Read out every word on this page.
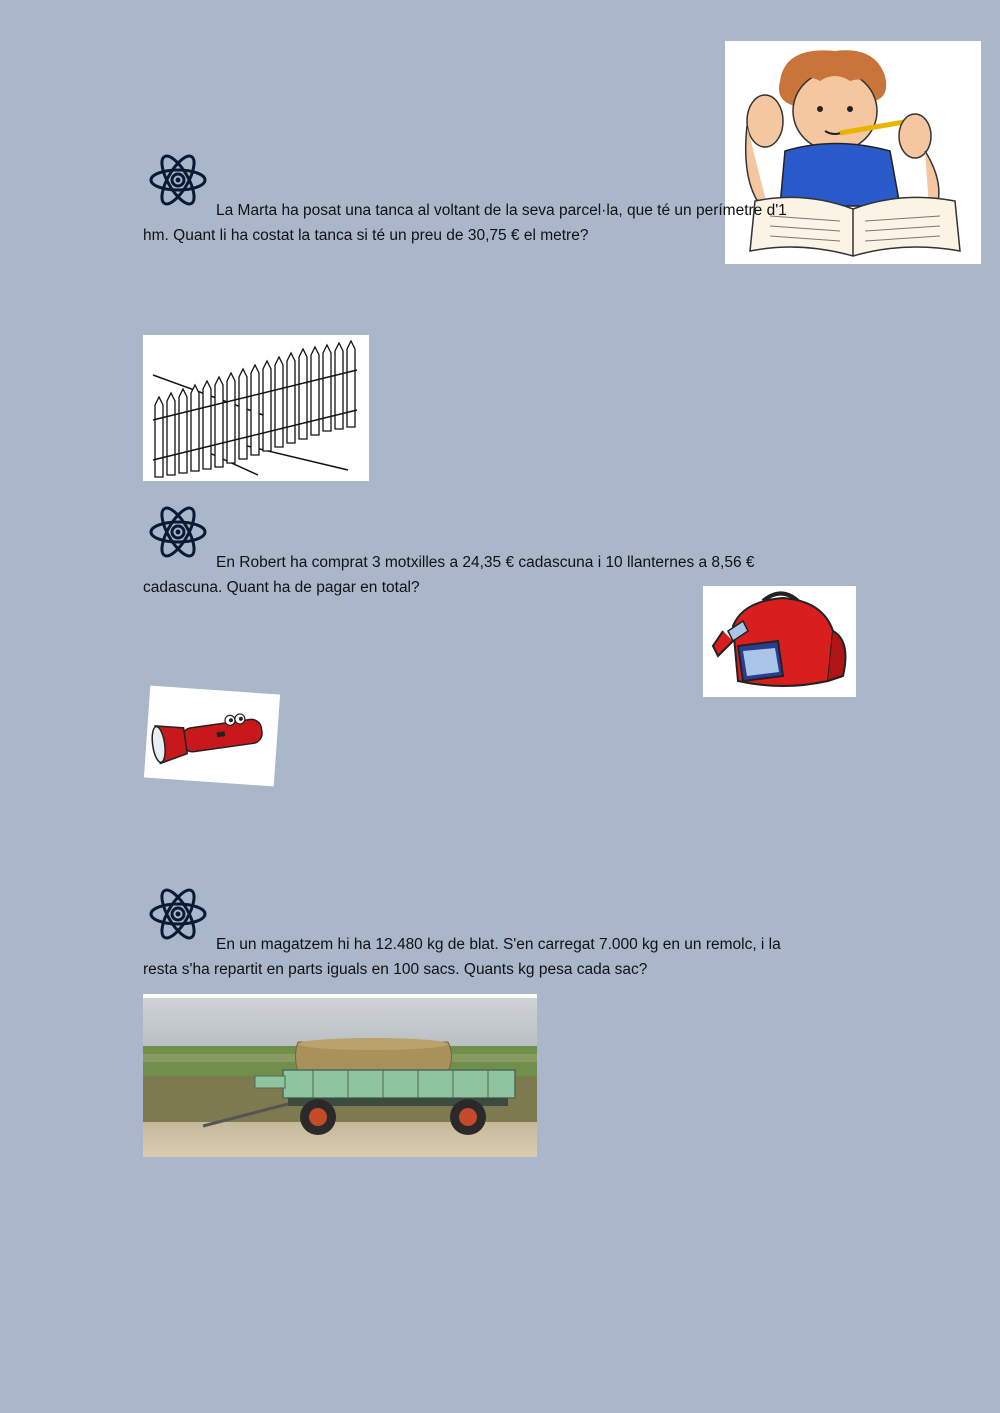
La Marta ha posat una tanca al voltant de la seva parcel·la, que té un perímetre d'1
hm. Quant li ha costat la tanca si té un preu de 30,75 € el metre?
En Robert ha comprat 3 motxilles a 24,35 € cadascuna i 10 llanternes a 8,56 €
cadascuna. Quant ha de pagar en total?
En un magatzem hi ha 12.480 kg de blat. S'en carregat 7.000 kg en un remolc, i la
resta s'ha repartit en parts iguals en 100 sacs. Quants kg pesa cada sac?
